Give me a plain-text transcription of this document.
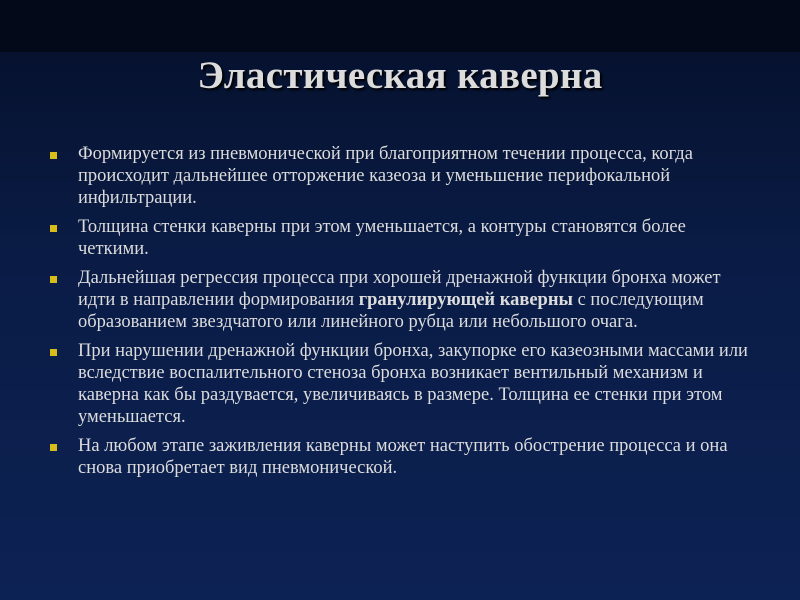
Эластическая каверна
Формируется из пневмонической при благоприятном течении процесса, когда происходит дальнейшее отторжение казеоза и уменьшение перифокальной инфильтрации.
Толщина стенки каверны при этом уменьшается, а контуры становятся более четкими.
Дальнейшая регрессия процесса при хорошей дренажной функции бронха может идти в направлении формирования гранулирующей каверны с последующим образованием звездчатого или линейного рубца или небольшого очага.
При нарушении дренажной функции бронха, закупорке его казеозными массами или вследствие воспалительного стеноза бронха возникает вентильный механизм и каверна как бы раздувается, увеличиваясь в размере. Толщина ее стенки при этом уменьшается.
На любом этапе заживления каверны может наступить обострение процесса и она снова приобретает вид пневмонической.
